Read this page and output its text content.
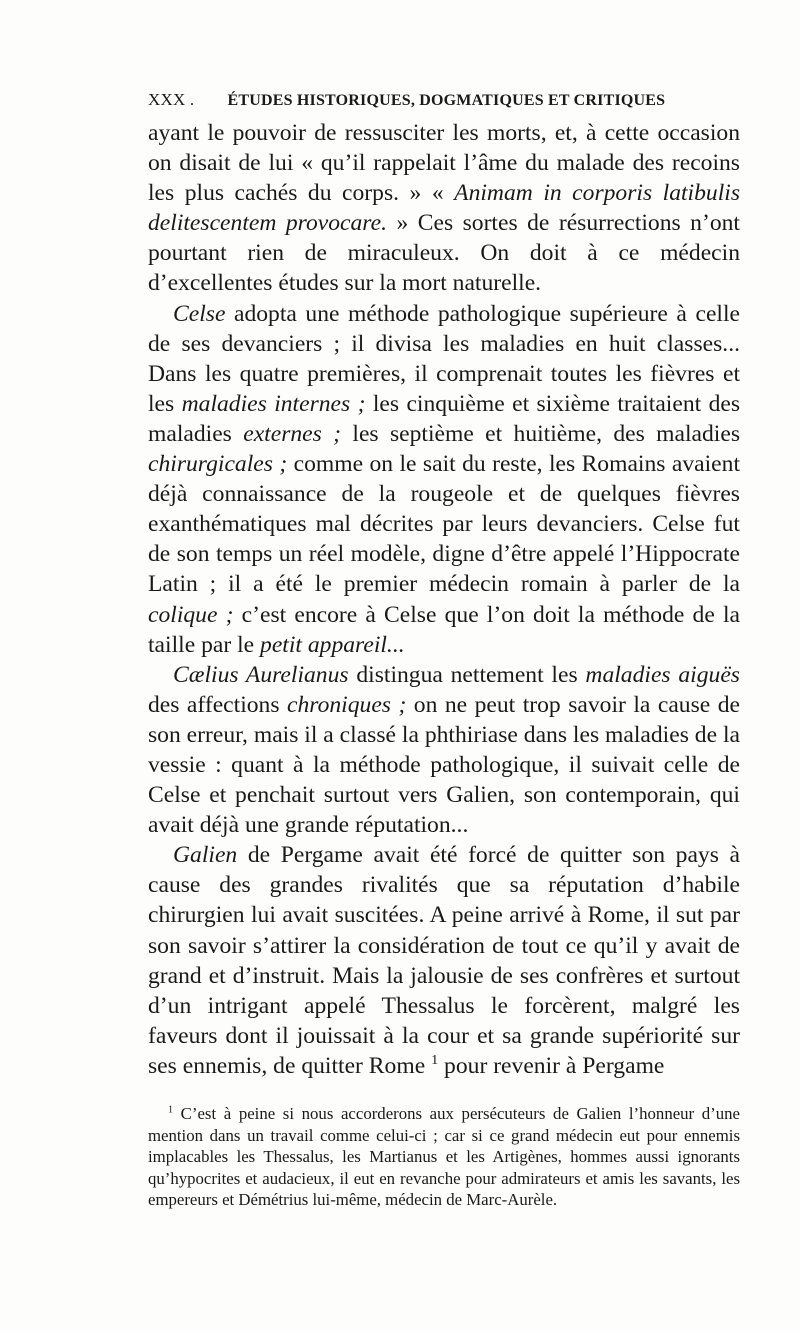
XXX . ÉTUDES HISTORIQUES, DOGMATIQUES ET CRITIQUES

ayant le pouvoir de ressusciter les morts, et, à cette occasion on disait de lui « qu’il rappelait l’âme du malade des recoins les plus cachés du corps. » « Animam in corporis latibulis delitescentem provocare. » Ces sortes de résurrections n’ont pourtant rien de miraculeux. On doit à ce médecin d’excellentes études sur la mort naturelle.

Celse adopta une méthode pathologique supérieure à celle de ses devanciers ; il divisa les maladies en huit classes... Dans les quatre premières, il comprenait toutes les fièvres et les maladies internes ; les cinquième et sixième traitaient des maladies externes ; les septième et huitième, des maladies chirurgicales ; comme on le sait du reste, les Romains avaient déjà connaissance de la rougeole et de quelques fièvres exanthématiques mal décrites par leurs devanciers. Celse fut de son temps un réel modèle, digne d’être appelé l’Hippocrate Latin ; il a été le premier médecin romain à parler de la colique ; c’est encore à Celse que l’on doit la méthode de la taille par le petit appareil...

Cælius Aurelianus distingua nettement les maladies aiguës des affections chroniques ; on ne peut trop savoir la cause de son erreur, mais il a classé la phthiriase dans les maladies de la vessie : quant à la méthode pathologique, il suivait celle de Celse et penchait surtout vers Galien, son contemporain, qui avait déjà une grande réputation...

Galien de Pergame avait été forcé de quitter son pays à cause des grandes rivalités que sa réputation d’habile chirurgien lui avait suscitées. A peine arrivé à Rome, il sut par son savoir s’attirer la considération de tout ce qu’il y avait de grand et d’instruit. Mais la jalousie de ses confrères et surtout d’un intrigant appelé Thessalus le forcèrent, malgré les faveurs dont il jouissait à la cour et sa grande supériorité sur ses ennemis, de quitter Rome $^1$ pour revenir à Pergame

$^1$ C’est à peine si nous accorderons aux persécuteurs de Galien l’honneur d’une mention dans un travail comme celui-ci ; car si ce grand médecin eut pour ennemis implacables les Thessalus, les Martianus et les Artigènes, hommes aussi ignorants qu’hypocrites et audacieux, il eut en revanche pour admirateurs et amis les savants, les empereurs et Démétrius lui-même, médecin de Marc-Aurèle.
